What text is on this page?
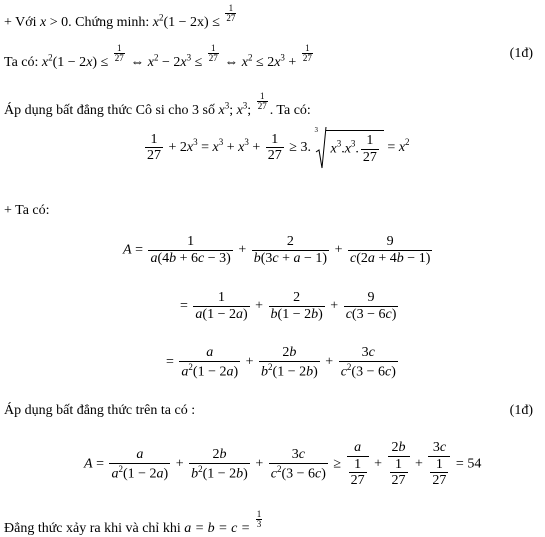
+ Với x > 0. Chứng minh: $x^2(1 - 2x) \le \frac{1}{27}$
Ta có: $x^2(1 - 2x) \le \frac{1}{27}$ ⇔ $x^2 - 2x^3 \le \frac{1}{27}$ ⇔ $x^2 \le 2x^3 + \frac{1}{27}$	(1đ)
Áp dụng bất đẳng thức Cô si cho 3 số $x^3$; $x^3$; $\frac{1}{27}$ . Ta có:
$\frac{1}{27} + 2x^3 = x^3 + x^3 + \frac{1}{27} \ge 3$.
3
$x^3.x^3$. $\frac{1}{27} = x^2$
+ Ta có:
$A = \frac{1}{a(4b + 6c - 3)} + \frac{2}{b(3c + a - 1)} + \frac{9}{c(2a + 4b - 1)}$
= $\frac{1}{a(1 - 2a)} + \frac{2}{b(1 - 2b)} + \frac{9}{c(3 - 6c)}$
= $\frac{a}{a^2(1 - 2a)} + \frac{2b}{b^2(1 - 2b)} + \frac{3c}{c^2(3 - 6c)}$
Áp dụng bất đẳng thức trên ta có :	(1đ)
$A = \frac{a}{a^2(1 - 2a)} + \frac{2b}{b^2(1 - 2b)} + \frac{3c}{c^2(3 - 6c)} \ge \frac{a}{\frac{1}{27}} + \frac{2b}{\frac{1}{27}} + \frac{3c}{\frac{1}{27}} = 54$
Đẳng thức xảy ra khi và chỉ khi $a = b = c = \frac{1}{3}$
